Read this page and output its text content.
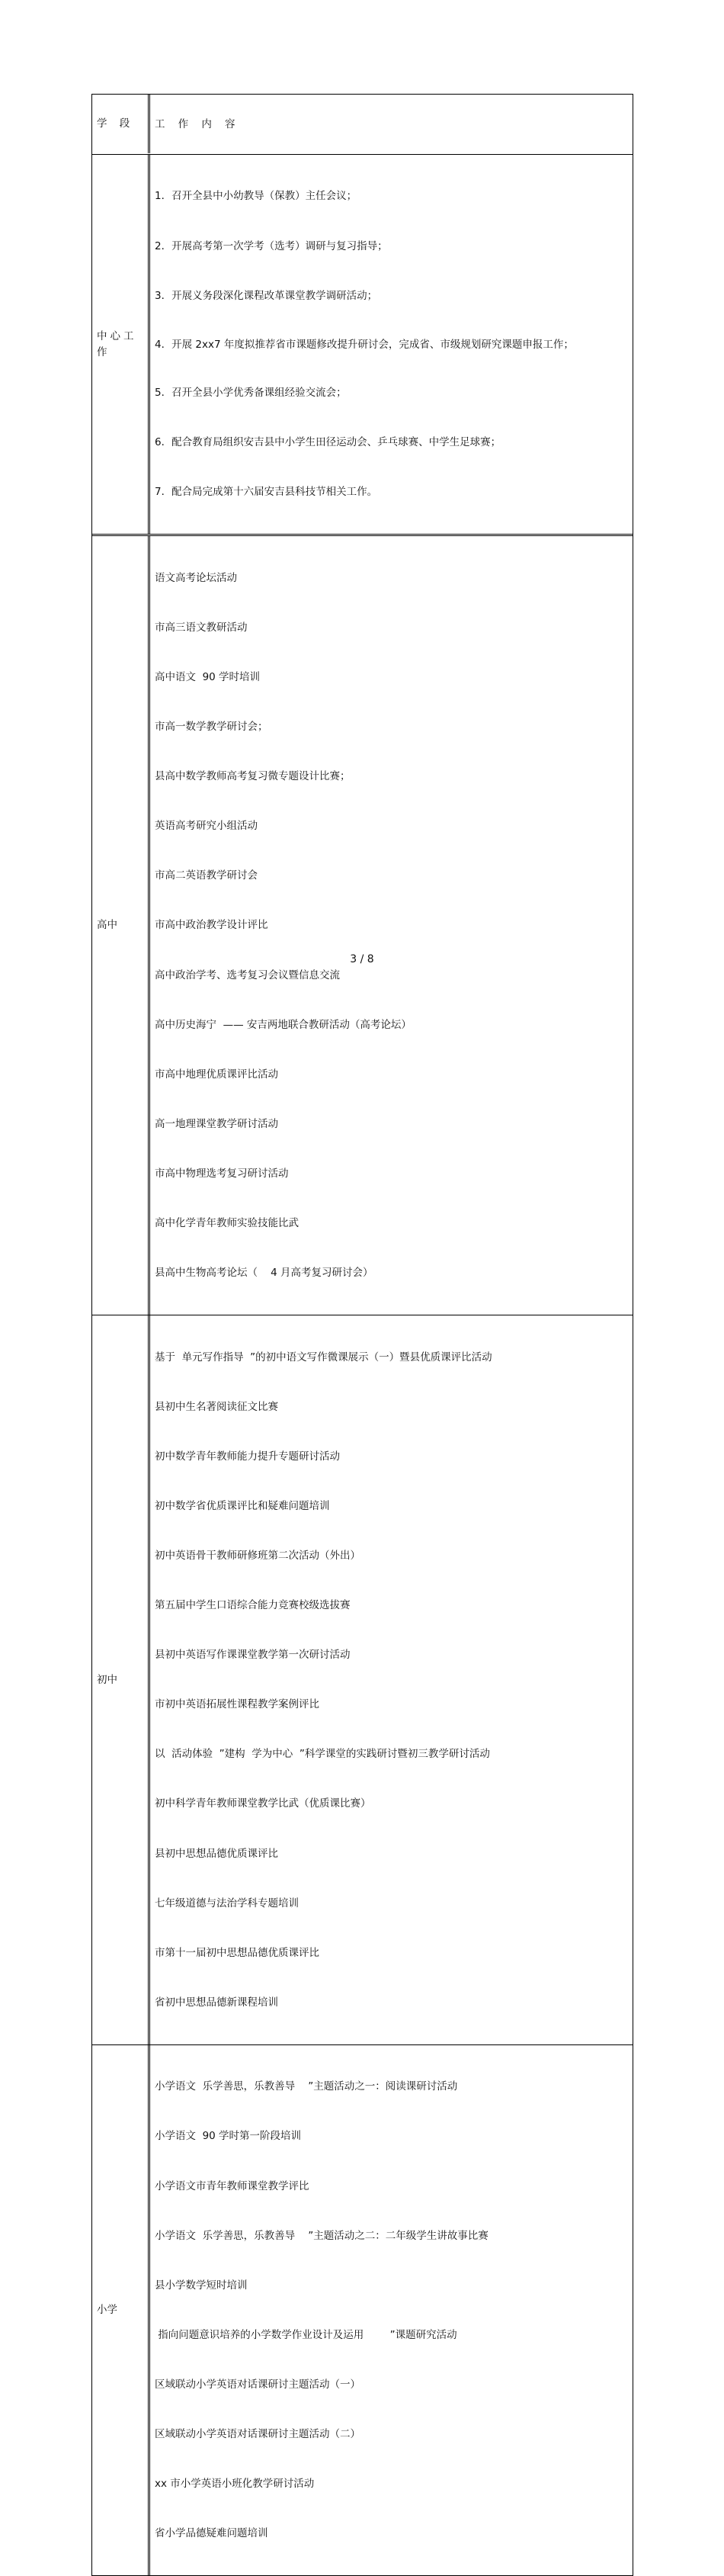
学 段	工    作    内    容
中心工作

1．召开全县中小幼教导（保教）主任会议；

2．开展高考第一次学考（选考）调研与复习指导；

3．开展义务段深化课程改革课堂教学调研活动；

4．开展 2xx7 年度拟推荐省市课题修改提升研讨会，完成省、市级规划研究课题申报工作；

5．召开全县小学优秀备课组经验交流会；

6．配合教育局组织安吉县中小学生田径运动会、乒乓球赛、中学生足球赛；

7．配合局完成第十六届安吉县科技节相关工作。

高中

语文高考论坛活动

市高三语文教研活动

高中语文  90 学时培训

市高一数学教学研讨会；

县高中数学教师高考复习微专题设计比赛；

英语高考研究小组活动

市高二英语教学研讨会

市高中政治教学设计评比

高中政治学考、选考复习会议暨信息交流

高中历史海宁  —— 安吉两地联合教研活动（高考论坛）

市高中地理优质课评比活动

高一地理课堂教学研讨活动

市高中物理选考复习研讨活动

高中化学青年教师实验技能比武

县高中生物高考论坛（    4 月高考复习研讨会）

初中

基于  单元写作指导  ”的初中语文写作微课展示（一）暨县优质课评比活动

县初中生名著阅读征文比赛

初中数学青年教师能力提升专题研讨活动

初中数学省优质课评比和疑难问题培训

初中英语骨干教师研修班第二次活动（外出）

第五届中学生口语综合能力竞赛校级选拔赛

县初中英语写作课课堂教学第一次研讨活动

市初中英语拓展性课程教学案例评比

以  活动体验  ”建构  学为中心  ”科学课堂的实践研讨暨初三教学研讨活动

初中科学青年教师课堂教学比武（优质课比赛）

县初中思想品德优质课评比

七年级道德与法治学科专题培训

市第十一届初中思想品德优质课评比

省初中思想品德新课程培训

小学

小学语文  乐学善思，乐教善导    ”主题活动之一：阅读课研讨活动

小学语文  90 学时第一阶段培训

小学语文市青年教师课堂教学评比

小学语文  乐学善思，乐教善导    ”主题活动之二：二年级学生讲故事比赛

县小学数学短时培训

指向问题意识培养的小学数学作业设计及运用        ”课题研究活动

区域联动小学英语对话课研讨主题活动（一）

区域联动小学英语对话课研讨主题活动（二）

xx 市小学英语小班化教学研讨活动

省小学品德疑难问题培训

3 / 8
